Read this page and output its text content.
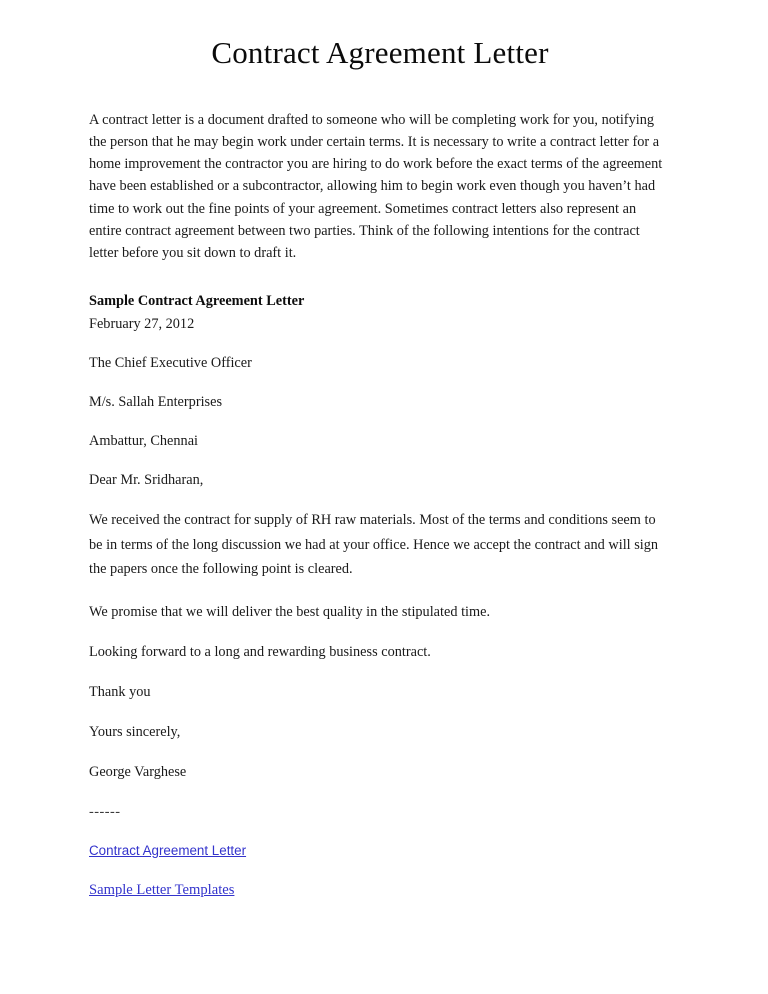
Contract Agreement Letter

A contract letter is a document drafted to someone who will be completing work for you, notifying the person that he may begin work under certain terms. It is necessary to write a contract letter for a home improvement the contractor you are hiring to do work before the exact terms of the agreement have been established or a subcontractor, allowing him to begin work even though you haven’t had time to work out the fine points of your agreement. Sometimes contract letters also represent an entire contract agreement between two parties. Think of the following intentions for the contract letter before you sit down to draft it.

Sample Contract Agreement Letter

February 27, 2012

The Chief Executive Officer

M/s. Sallah Enterprises

Ambattur, Chennai

Dear Mr. Sridharan,

We received the contract for supply of RH raw materials. Most of the terms and conditions seem to be in terms of the long discussion we had at your office. Hence we accept the contract and will sign the papers once the following point is cleared.

We promise that we will deliver the best quality in the stipulated time.

Looking forward to a long and rewarding business contract.

Thank you

Yours sincerely,

George Varghese

------

Contract Agreement Letter
Sample Letter Templates
